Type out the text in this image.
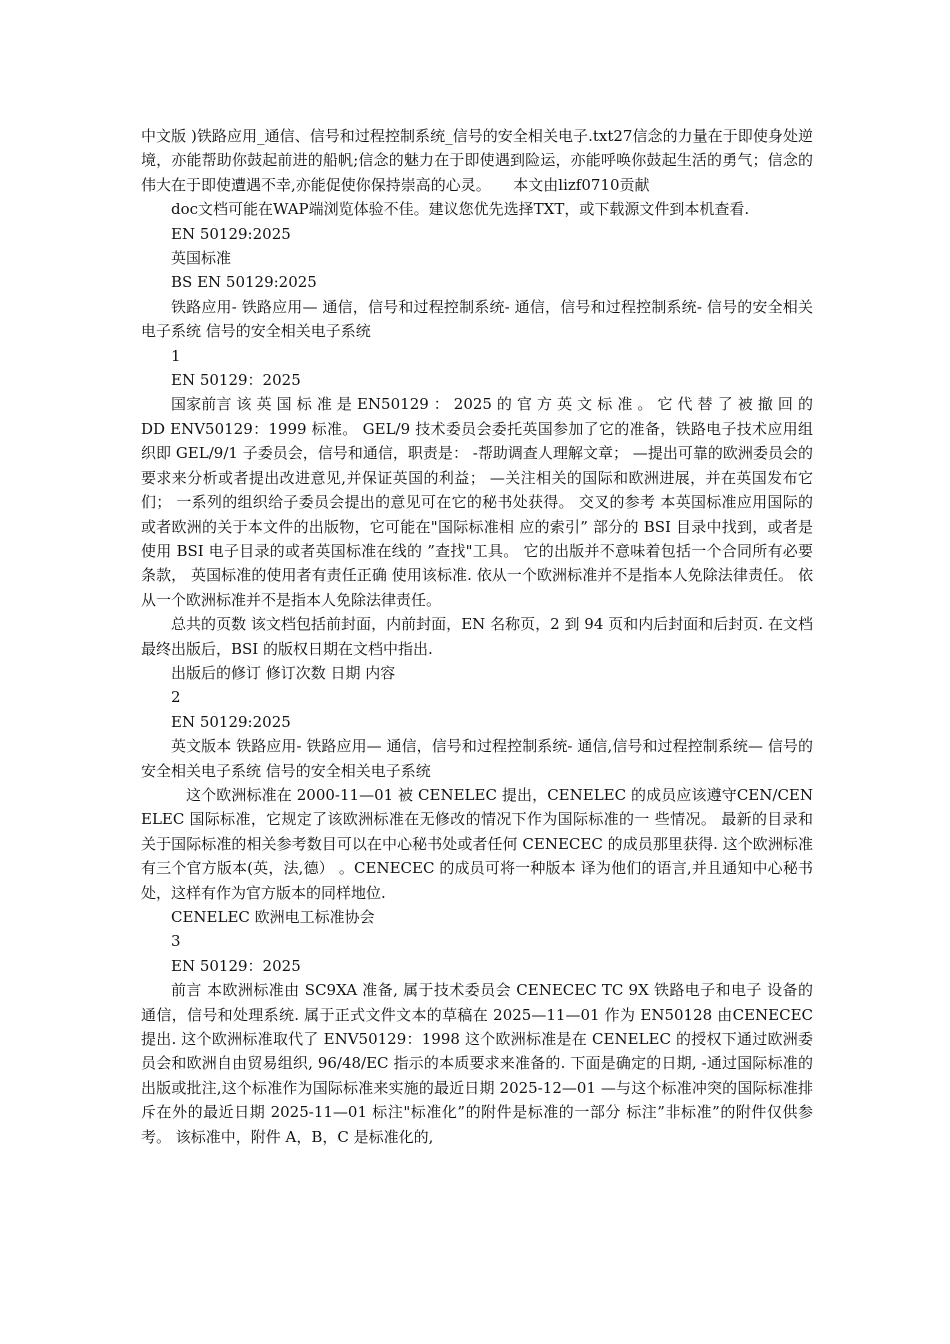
中文版 )铁路应用_通信、信号和过程控制系统_信号的安全相关电子.txt27信念的力量在于即使身处逆境，亦能帮助你鼓起前进的船帆;信念的魅力在于即使遇到险运，亦能呼唤你鼓起生活的勇气；信念的伟大在于即使遭遇不幸,亦能促使你保持崇高的心灵。　　本文由lizf0710贡献

doc文档可能在WAP端浏览体验不佳。建议您优先选择TXT，或下载源文件到本机查看.

EN 50129:2025

英国标准

BS EN 50129:2025

铁路应用- 铁路应用— 通信，信号和过程控制系统- 通信，信号和过程控制系统- 信号的安全相关电子系统 信号的安全相关电子系统

1

EN 50129：2025

国家前言 该 英 国 标 准 是 EN50129 ： 2025 的 官 方 英 文 标 准 。 它 代 替 了 被 撤 回 的 DD ENV50129：1999 标准。 GEL/9 技术委员会委托英国参加了它的准备，铁路电子技术应用组织即 GEL/9/1 子委员会，信号和通信，职责是： -帮助调查人理解文章； —提出可靠的欧洲委员会的要求来分析或者提出改进意见,并保证英国的利益； —关注相关的国际和欧洲进展，并在英国发布它们； 一系列的组织给子委员会提出的意见可在它的秘书处获得。 交叉的参考 本英国标准应用国际的或者欧洲的关于本文件的出版物，它可能在"国际标准相 应的索引” 部分的 BSI 目录中找到，或者是使用 BSI 电子目录的或者英国标准在线的 ”查找"工具。 它的出版并不意味着包括一个合同所有必要条款， 英国标准的使用者有责任正确 使用该标准. 依从一个欧洲标准并不是指本人免除法律责任。 依从一个欧洲标准并不是指本人免除法律责任。

总共的页数 该文档包括前封面，内前封面，EN 名称页，2 到 94 页和内后封面和后封页. 在文档最终出版后，BSI 的版权日期在文档中指出.

出版后的修订 修订次数 日期 内容

2

EN 50129:2025

英文版本 铁路应用- 铁路应用— 通信，信号和过程控制系统- 通信,信号和过程控制系统— 信号的安全相关电子系统 信号的安全相关电子系统

这个欧洲标准在 2000-11—01 被 CENELEC 提出，CENELEC 的成员应该遵守CEN/CENELEC 国际标准，它规定了该欧洲标准在无修改的情况下作为国际标准的一 些情况。 最新的目录和关于国际标准的相关参考数目可以在中心秘书处或者任何 CENECEC 的成员那里获得. 这个欧洲标准有三个官方版本(英，法,德） 。CENECEC 的成员可将一种版本 译为他们的语言,并且通知中心秘书处，这样有作为官方版本的同样地位.

CENELEC 欧洲电工标准协会

3

EN 50129：2025

前言 本欧洲标准由 SC9XA 准备, 属于技术委员会 CENECEC TC 9X 铁路电子和电子 设备的通信，信号和处理系统. 属于正式文件文本的草稿在 2025—11—01 作为 EN50128 由CENECEC 提出. 这个欧洲标准取代了 ENV50129：1998 这个欧洲标准是在 CENELEC 的授权下通过欧洲委员会和欧洲自由贸易组织, 96/48/EC 指示的本质要求来准备的. 下面是确定的日期, -通过国际标准的出版或批注,这个标准作为国际标准来实施的最近日期 2025-12—01 —与这个标准冲突的国际标准排斥在外的最近日期 2025-11—01 标注"标准化”的附件是标准的一部分 标注”非标准”的附件仅供参考。 该标准中，附件 A，B，C 是标准化的,
